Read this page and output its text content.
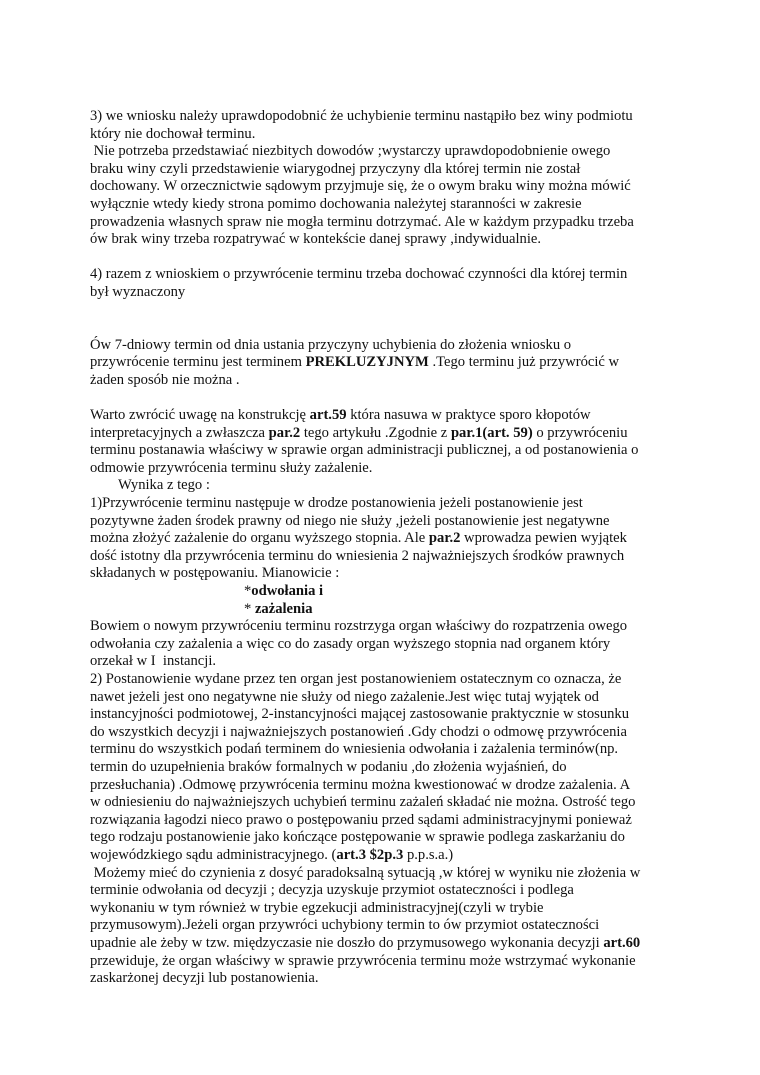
3) we wniosku należy uprawdopodobnić że uchybienie terminu nastąpiło bez winy podmiotu
który nie dochował terminu.
Nie potrzeba przedstawiać niezbitych dowodów ;wystarczy uprawdopodobnienie owego
braku winy czyli przedstawienie wiarygodnej przyczyny dla której termin nie został
dochowany. W orzecznictwie sądowym przyjmuje się, że o owym braku winy można mówić
wyłącznie wtedy kiedy strona pomimo dochowania należytej staranności w zakresie
prowadzenia własnych spraw nie mogła terminu dotrzymać. Ale w każdym przypadku trzeba
ów brak winy trzeba rozpatrywać w kontekście danej sprawy ,indywidualnie.
4) razem z wnioskiem o przywrócenie terminu trzeba dochować czynności dla której termin
był wyznaczony
Ów 7-dniowy termin od dnia ustania przyczyny uchybienia do złożenia wniosku o
przywrócenie terminu jest terminem PREKLUZYJNYM .Tego terminu już przywrócić w
żaden sposób nie można .
Warto zwrócić uwagę na konstrukcję art.59 która nasuwa w praktyce sporo kłopotów
interpretacyjnych a zwłaszcza par.2 tego artykułu .Zgodnie z par.1(art. 59) o przywróceniu
terminu postanawia właściwy w sprawie organ administracji publicznej, a od postanowienia o
odmowie przywrócenia terminu służy zażalenie.
Wynika z tego :
1)Przywrócenie terminu następuje w drodze postanowienia jeżeli postanowienie jest
pozytywne żaden środek prawny od niego nie służy ,jeżeli postanowienie jest negatywne
można złożyć zażalenie do organu wyższego stopnia. Ale par.2 wprowadza pewien wyjątek
dość istotny dla przywrócenia terminu do wniesienia 2 najważniejszych środków prawnych
składanych w postępowaniu. Mianowicie :
*odwołania i
* zażalenia
Bowiem o nowym przywróceniu terminu rozstrzyga organ właściwy do rozpatrzenia owego
odwołania czy zażalenia a więc co do zasady organ wyższego stopnia nad organem który
orzekał w I  instancji.
2) Postanowienie wydane przez ten organ jest postanowieniem ostatecznym co oznacza, że
nawet jeżeli jest ono negatywne nie służy od niego zażalenie.Jest więc tutaj wyjątek od
instancyjności podmiotowej, 2-instancyjności mającej zastosowanie praktycznie w stosunku
do wszystkich decyzji i najważniejszych postanowień .Gdy chodzi o odmowę przywrócenia
terminu do wszystkich podań terminem do wniesienia odwołania i zażalenia terminów(np.
termin do uzupełnienia braków formalnych w podaniu ,do złożenia wyjaśnień, do
przesłuchania) .Odmowę przywrócenia terminu można kwestionować w drodze zażalenia. A
w odniesieniu do najważniejszych uchybień terminu zażaleń składać nie można. Ostrość tego
rozwiązania łagodzi nieco prawo o postępowaniu przed sądami administracyjnymi ponieważ
tego rodzaju postanowienie jako kończące postępowanie w sprawie podlega zaskarżaniu do
wojewódzkiego sądu administracyjnego. (art.3 $2p.3 p.p.s.a.)
Możemy mieć do czynienia z dosyć paradoksalną sytuacją ,w której w wyniku nie złożenia w
terminie odwołania od decyzji ; decyzja uzyskuje przymiot ostateczności i podlega
wykonaniu w tym również w trybie egzekucji administracyjnej(czyli w trybie
przymusowym).Jeżeli organ przywróci uchybiony termin to ów przymiot ostateczności
upadnie ale żeby w tzw. międzyczasie nie doszło do przymusowego wykonania decyzji art.60
przewiduje, że organ właściwy w sprawie przywrócenia terminu może wstrzymać wykonanie
zaskarżonej decyzji lub postanowienia.
